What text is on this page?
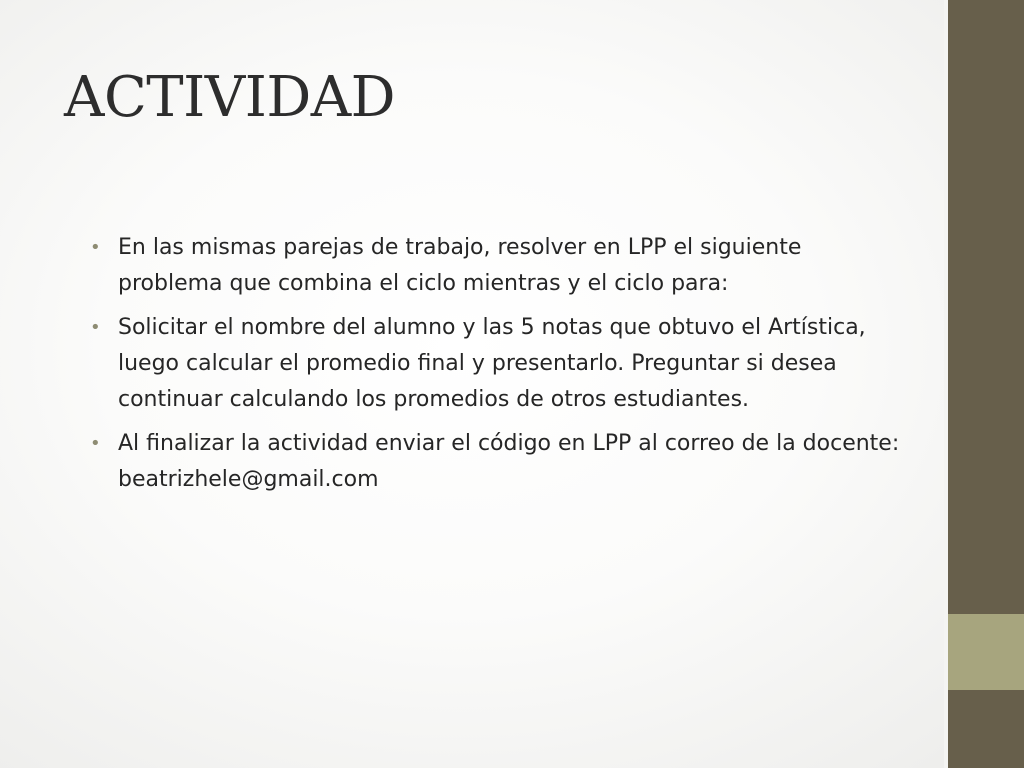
ACTIVIDAD
• En las mismas parejas de trabajo, resolver en LPP el siguiente problema que combina el ciclo mientras y el ciclo para:
• Solicitar el nombre del alumno y las 5 notas que obtuvo el Artística, luego calcular el promedio final y presentarlo. Preguntar si desea continuar calculando los promedios de otros estudiantes.
• Al finalizar la actividad enviar el código en LPP al correo de la docente: beatrizhele@gmail.com
